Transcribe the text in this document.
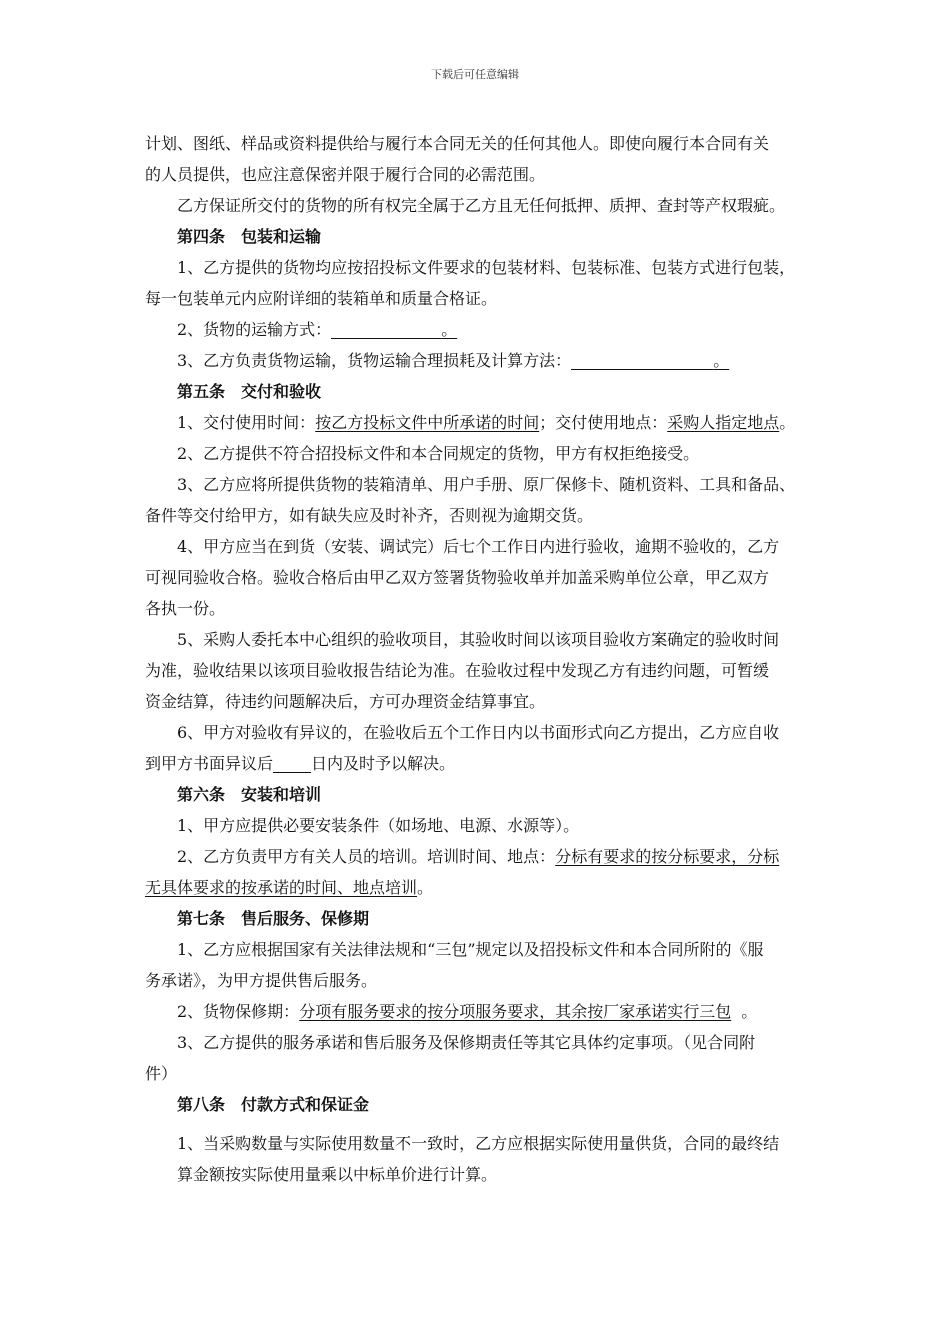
下载后可任意编辑

计划、图纸、样品或资料提供给与履行本合同无关的任何其他人。即使向履行本合同有关

的人员提供，也应注意保密并限于履行合同的必需范围。

乙方保证所交付的货物的所有权完全属于乙方且无任何抵押、质押、查封等产权瑕疵。

第四条　包装和运输

1、乙方提供的货物均应按招投标文件要求的包装材料、包装标准、包装方式进行包装，

每一包装单元内应附详细的装箱单和质量合格证。

2、货物的运输方式：	。

3、乙方负责货物运输，货物运输合理损耗及计算方法：	。

第五条　交付和验收

1、交付使用时间：按乙方投标文件中所承诺的时间；交付使用地点：采购人指定地点。

2、乙方提供不符合招投标文件和本合同规定的货物，甲方有权拒绝接受。

3、乙方应将所提供货物的装箱清单、用户手册、原厂保修卡、随机资料、工具和备品、

备件等交付给甲方，如有缺失应及时补齐，否则视为逾期交货。

4、甲方应当在到货（安装、调试完）后七个工作日内进行验收，逾期不验收的，乙方

可视同验收合格。验收合格后由甲乙双方签署货物验收单并加盖采购单位公章，甲乙双方

各执一份。

5、采购人委托本中心组织的验收项目，其验收时间以该项目验收方案确定的验收时间

为准，验收结果以该项目验收报告结论为准。在验收过程中发现乙方有违约问题，可暂缓

资金结算，待违约问题解决后，方可办理资金结算事宜。

6、甲方对验收有异议的，在验收后五个工作日内以书面形式向乙方提出，乙方应自收

到甲方书面异议后 日内及时予以解决。

第六条　安装和培训

1、甲方应提供必要安装条件（如场地、电源、水源等）。

2、乙方负责甲方有关人员的培训。培训时间、地点：分标有要求的按分标要求，分标

无具体要求的按承诺的时间、地点培训。

第七条　售后服务、保修期

1、乙方应根据国家有关法律法规和“三包”规定以及招投标文件和本合同所附的《服

务承诺》，为甲方提供售后服务。

2、货物保修期：分项有服务要求的按分项服务要求，其余按厂家承诺实行三包 。

3、乙方提供的服务承诺和售后服务及保修期责任等其它具体约定事项。（见合同附

件）

第八条　付款方式和保证金

1、当采购数量与实际使用数量不一致时，乙方应根据实际使用量供货，合同的最终结

算金额按实际使用量乘以中标单价进行计算。
